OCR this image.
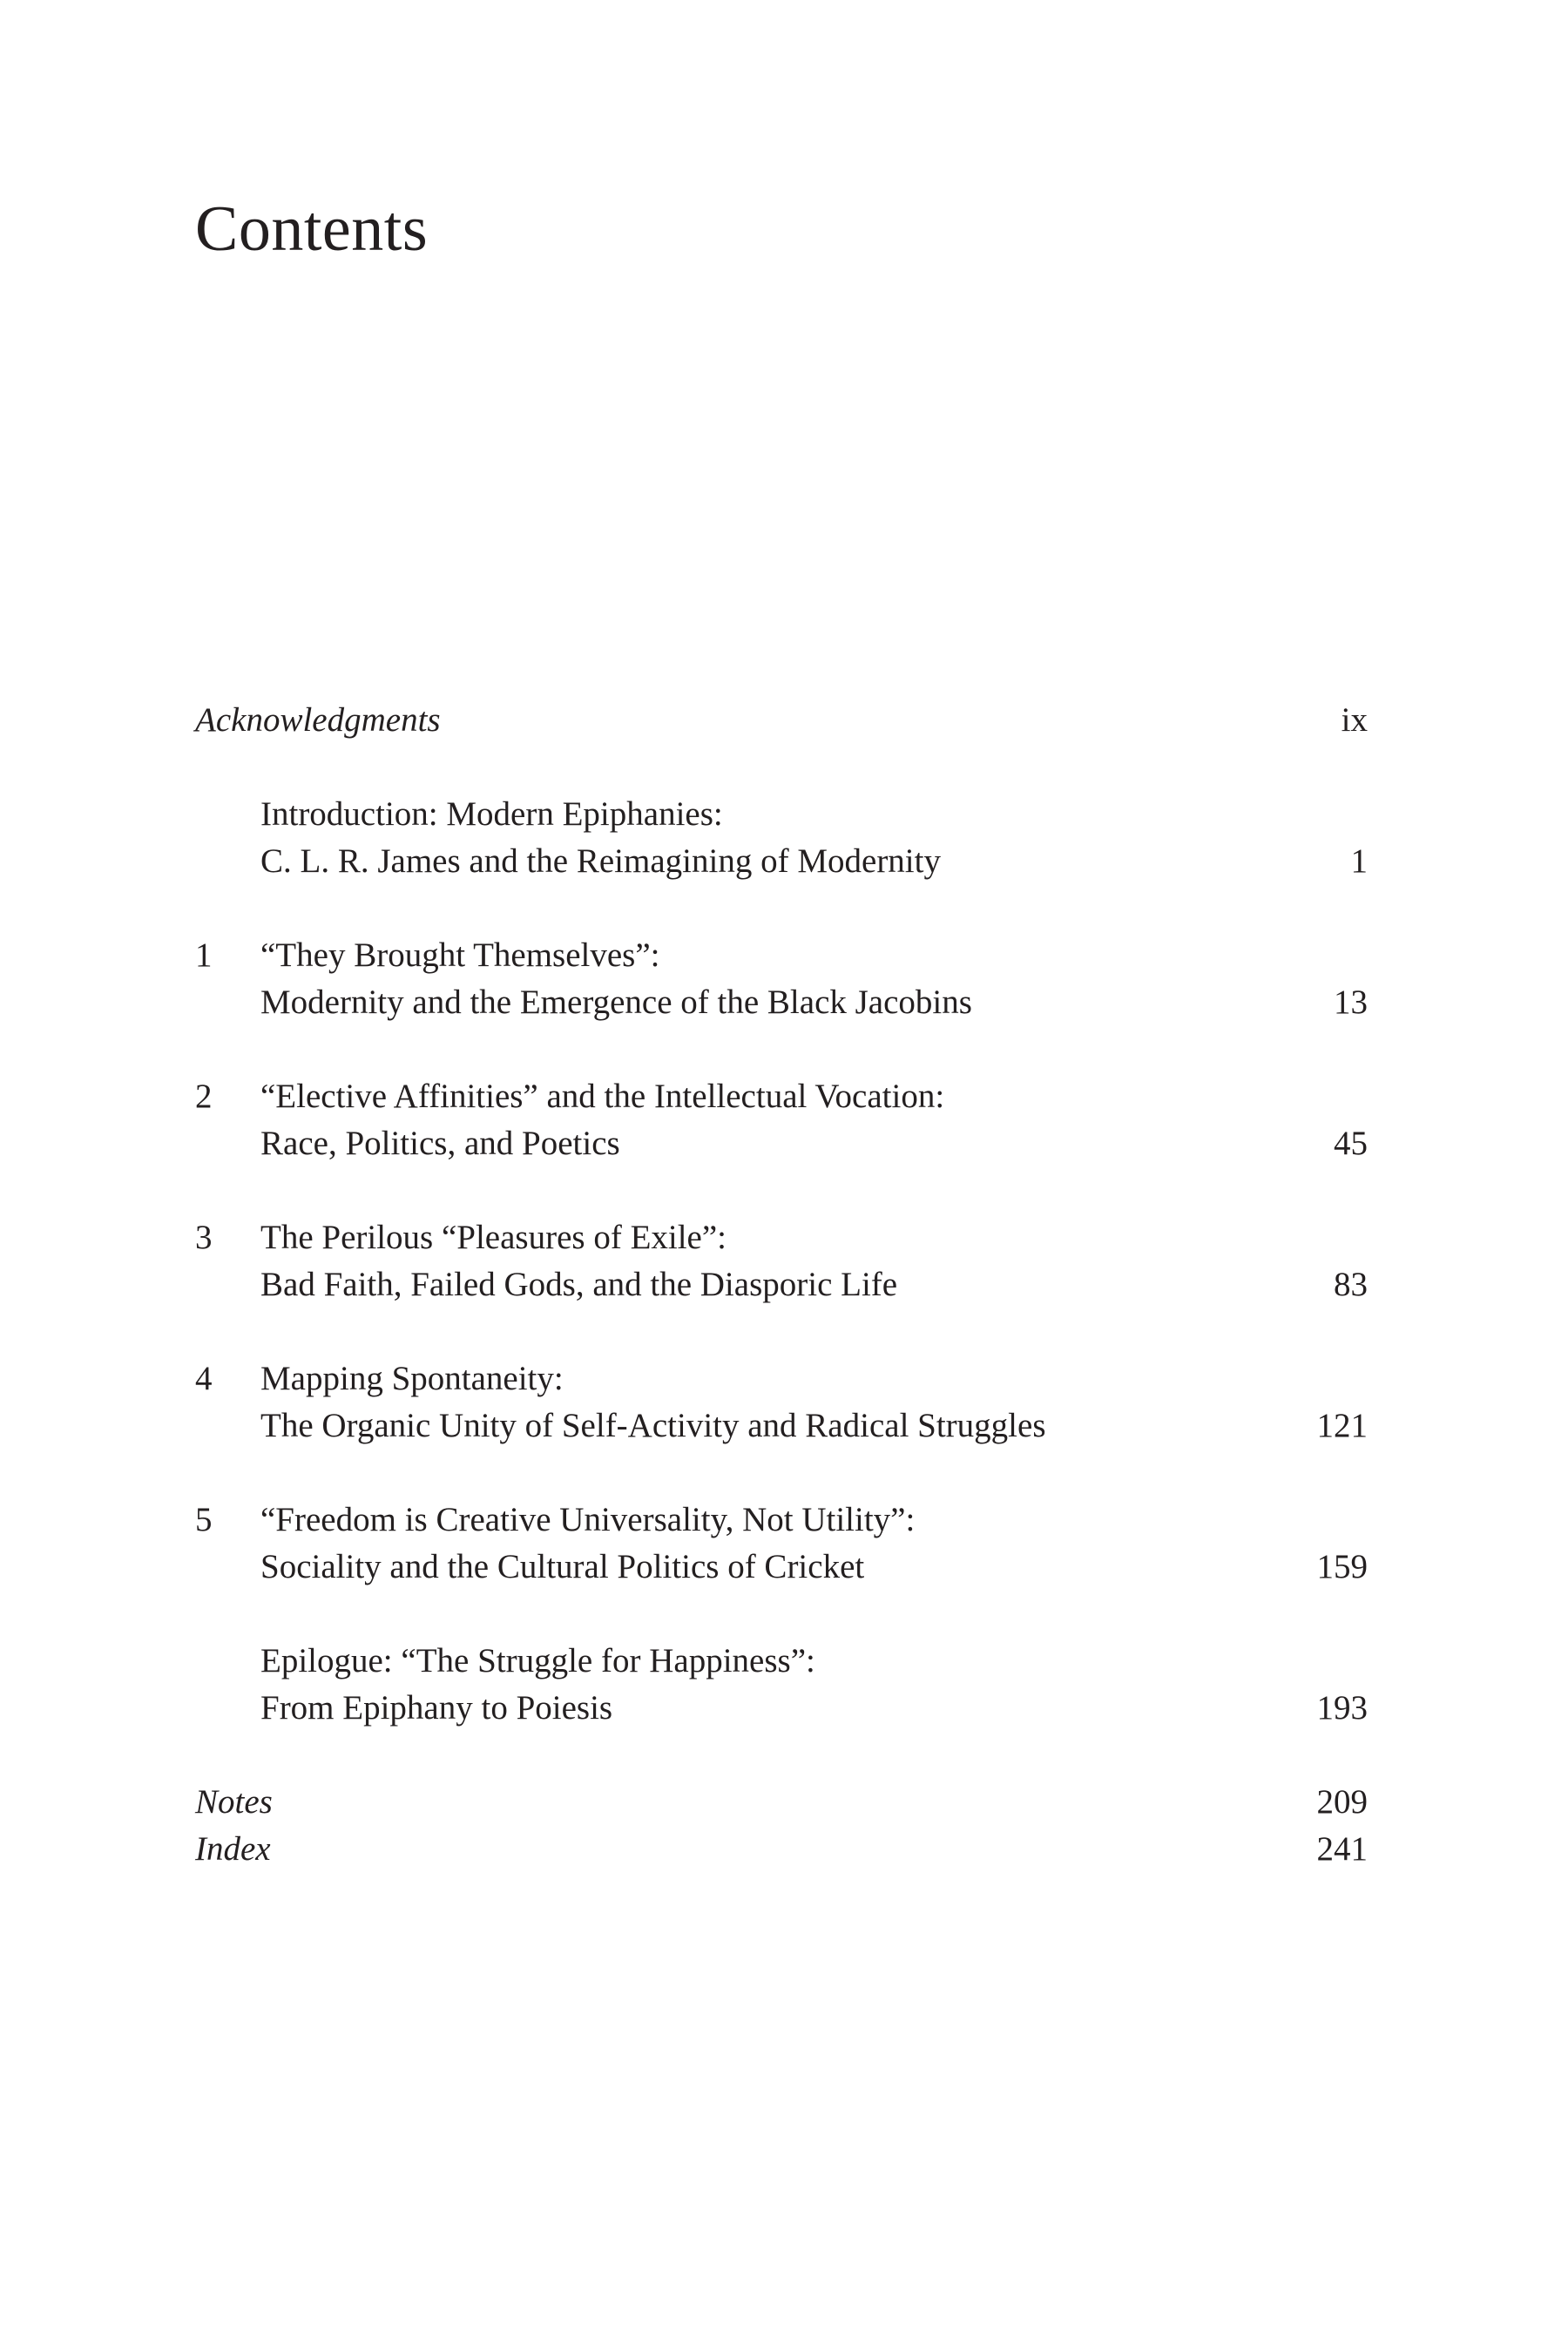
Contents
Acknowledgments	ix
Introduction: Modern Epiphanies:
C. L. R. James and the Reimagining of Modernity	1
1	“They Brought Themselves”:
Modernity and the Emergence of the Black Jacobins	13
2	“Elective Affinities” and the Intellectual Vocation:
Race, Politics, and Poetics	45
3	The Perilous “Pleasures of Exile”:
Bad Faith, Failed Gods, and the Diasporic Life	83
4	Mapping Spontaneity:
The Organic Unity of Self-Activity and Radical Struggles	121
5	“Freedom is Creative Universality, Not Utility”:
Sociality and the Cultural Politics of Cricket	159
Epilogue: “The Struggle for Happiness”:
From Epiphany to Poiesis	193
Notes	209
Index	241
